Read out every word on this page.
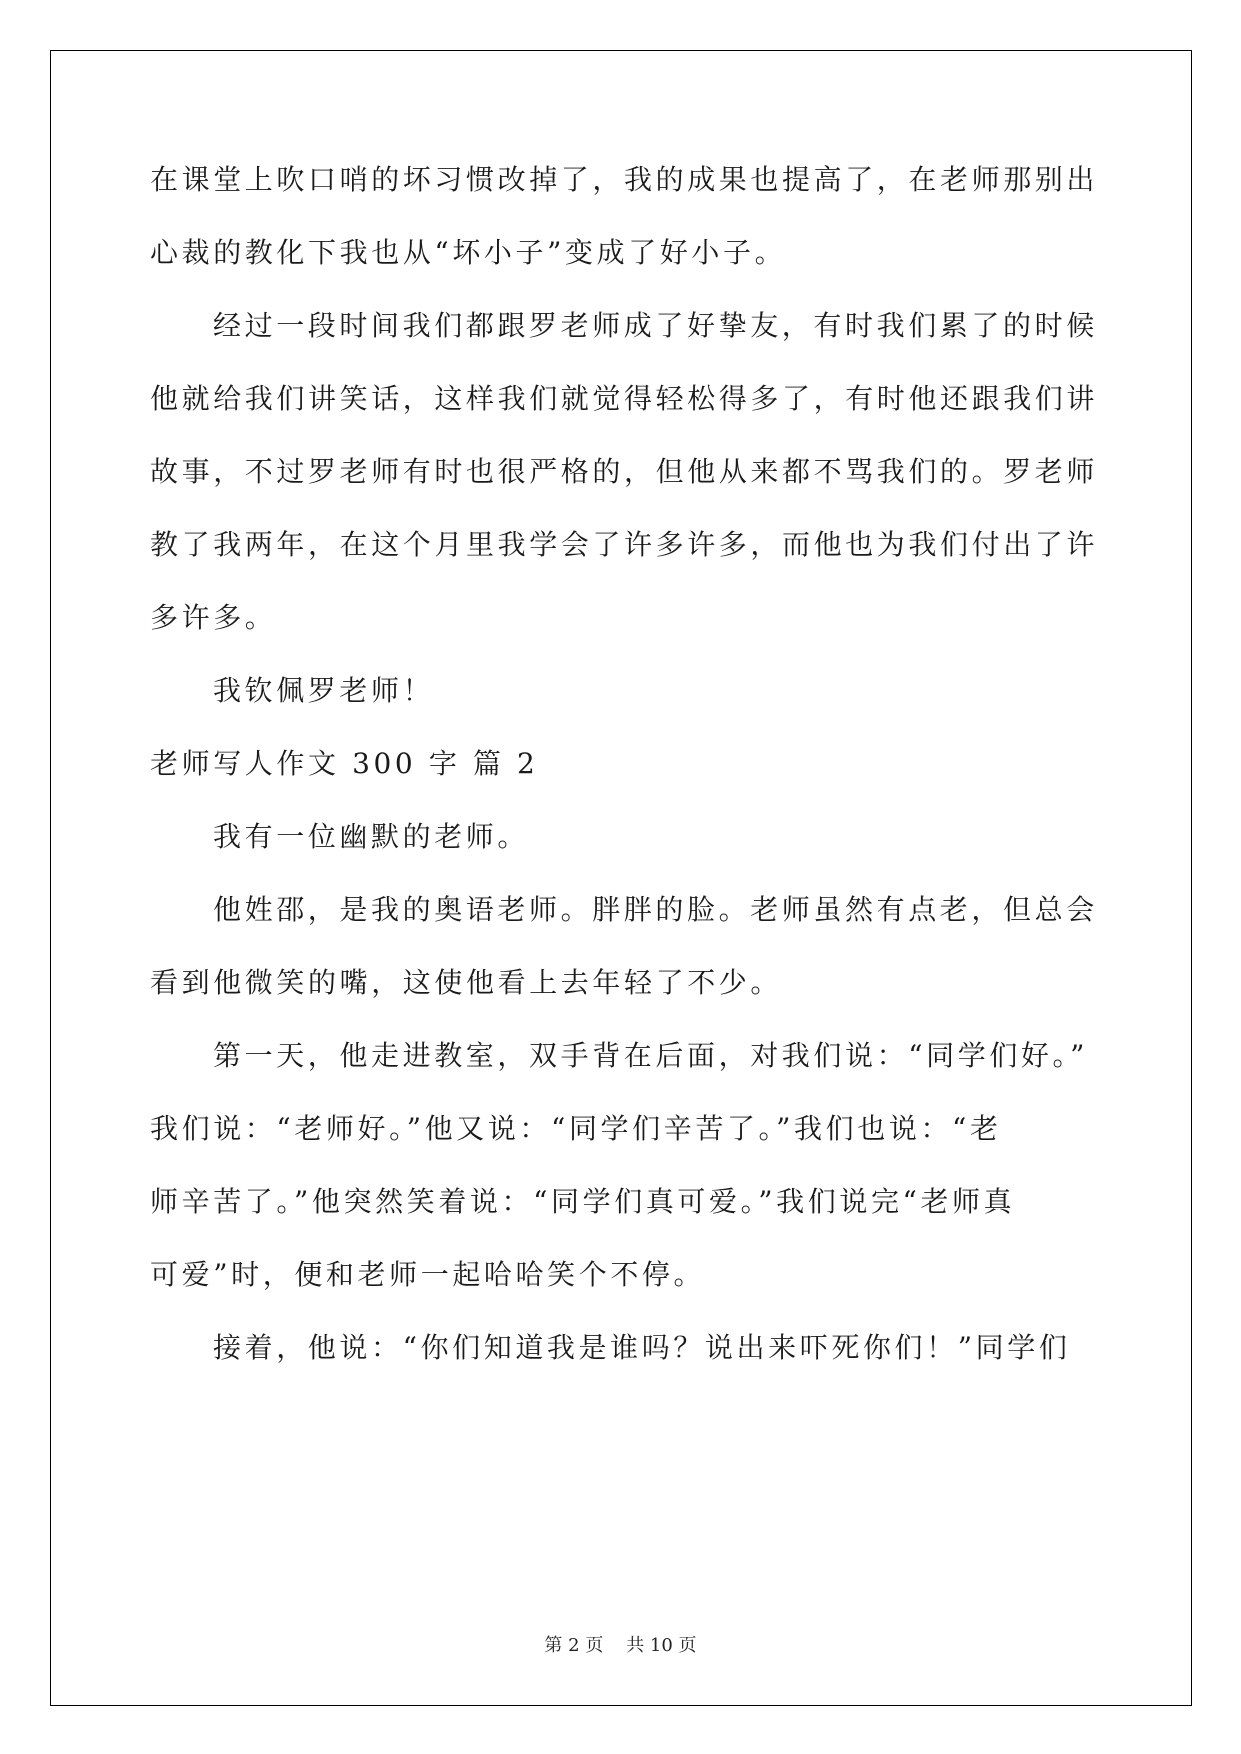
在课堂上吹口哨的坏习惯改掉了，我的成果也提高了，在老师那别出
心裁的教化下我也从“坏小子”变成了好小子。
经过一段时间我们都跟罗老师成了好挚友，有时我们累了的时候
他就给我们讲笑话，这样我们就觉得轻松得多了，有时他还跟我们讲
故事，不过罗老师有时也很严格的，但他从来都不骂我们的。罗老师
教了我两年，在这个月里我学会了许多许多，而他也为我们付出了许
多许多。
我钦佩罗老师！
老师写人作文 300 字 篇 2
我有一位幽默的老师。
他姓邵，是我的奥语老师。胖胖的脸。老师虽然有点老，但总会
看到他微笑的嘴，这使他看上去年轻了不少。
第一天，他走进教室，双手背在后面，对我们说：“同学们好。”
我们说：“老师好。”他又说：“同学们辛苦了。”我们也说：“老
师辛苦了。”他突然笑着说：“同学们真可爱。”我们说完“老师真
可爱”时，便和老师一起哈哈笑个不停。
接着，他说：“你们知道我是谁吗？说出来吓死你们！”同学们
第 2 页    共 10 页
